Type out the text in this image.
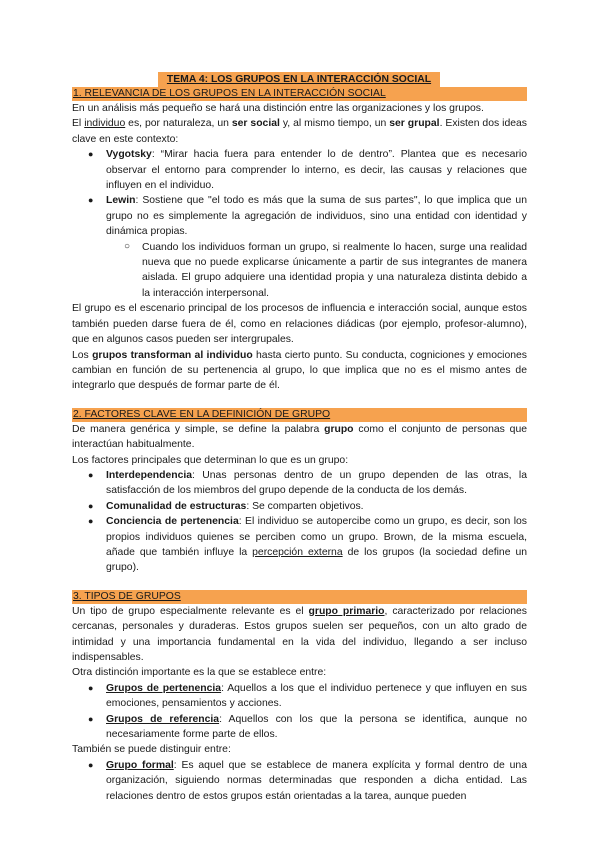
TEMA 4: LOS GRUPOS EN LA INTERACCIÓN SOCIAL
1. RELEVANCIA DE LOS GRUPOS EN LA INTERACCIÓN SOCIAL

En un análisis más pequeño se hará una distinción entre las organizaciones y los grupos.

El individuo es, por naturaleza, un ser social y, al mismo tiempo, un ser grupal. Existen dos ideas clave en este contexto:

● Vygotsky: “Mirar hacia fuera para entender lo de dentro”. Plantea que es necesario observar el entorno para comprender lo interno, es decir, las causas y relaciones que influyen en el individuo.
● Lewin: Sostiene que "el todo es más que la suma de sus partes", lo que implica que un grupo no es simplemente la agregación de individuos, sino una entidad con identidad y dinámica propias.
○ Cuando los individuos forman un grupo, si realmente lo hacen, surge una realidad nueva que no puede explicarse únicamente a partir de sus integrantes de manera aislada. El grupo adquiere una identidad propia y una naturaleza distinta debido a la interacción interpersonal.

El grupo es el escenario principal de los procesos de influencia e interacción social, aunque estos también pueden darse fuera de él, como en relaciones diádicas (por ejemplo, profesor-alumno), que en algunos casos pueden ser intergrupales.

Los grupos transforman al individuo hasta cierto punto. Su conducta, cogniciones y emociones cambian en función de su pertenencia al grupo, lo que implica que no es el mismo antes de integrarlo que después de formar parte de él.

2. FACTORES CLAVE EN LA DEFINICIÓN DE GRUPO

De manera genérica y simple, se define la palabra grupo como el conjunto de personas que interactúan habitualmente.

Los factores principales que determinan lo que es un grupo:

● Interdependencia: Unas personas dentro de un grupo dependen de las otras, la satisfacción de los miembros del grupo depende de la conducta de los demás.
● Comunalidad de estructuras: Se comparten objetivos.
● Conciencia de pertenencia: El individuo se autopercibe como un grupo, es decir, son los propios individuos quienes se perciben como un grupo. Brown, de la misma escuela, añade que también influye la percepción externa de los grupos (la sociedad define un grupo).
3. TIPOS DE GRUPOS

Un tipo de grupo especialmente relevante es el grupo primario, caracterizado por relaciones cercanas, personales y duraderas. Estos grupos suelen ser pequeños, con un alto grado de intimidad y una importancia fundamental en la vida del individuo, llegando a ser incluso indispensables.

Otra distinción importante es la que se establece entre:

● Grupos de pertenencia: Aquellos a los que el individuo pertenece y que influyen en sus emociones, pensamientos y acciones.
● Grupos de referencia: Aquellos con los que la persona se identifica, aunque no necesariamente forme parte de ellos.

También se puede distinguir entre:

● Grupo formal: Es aquel que se establece de manera explícita y formal dentro de una organización, siguiendo normas determinadas que responden a dicha entidad. Las relaciones dentro de estos grupos están orientadas a la tarea, aunque pueden
